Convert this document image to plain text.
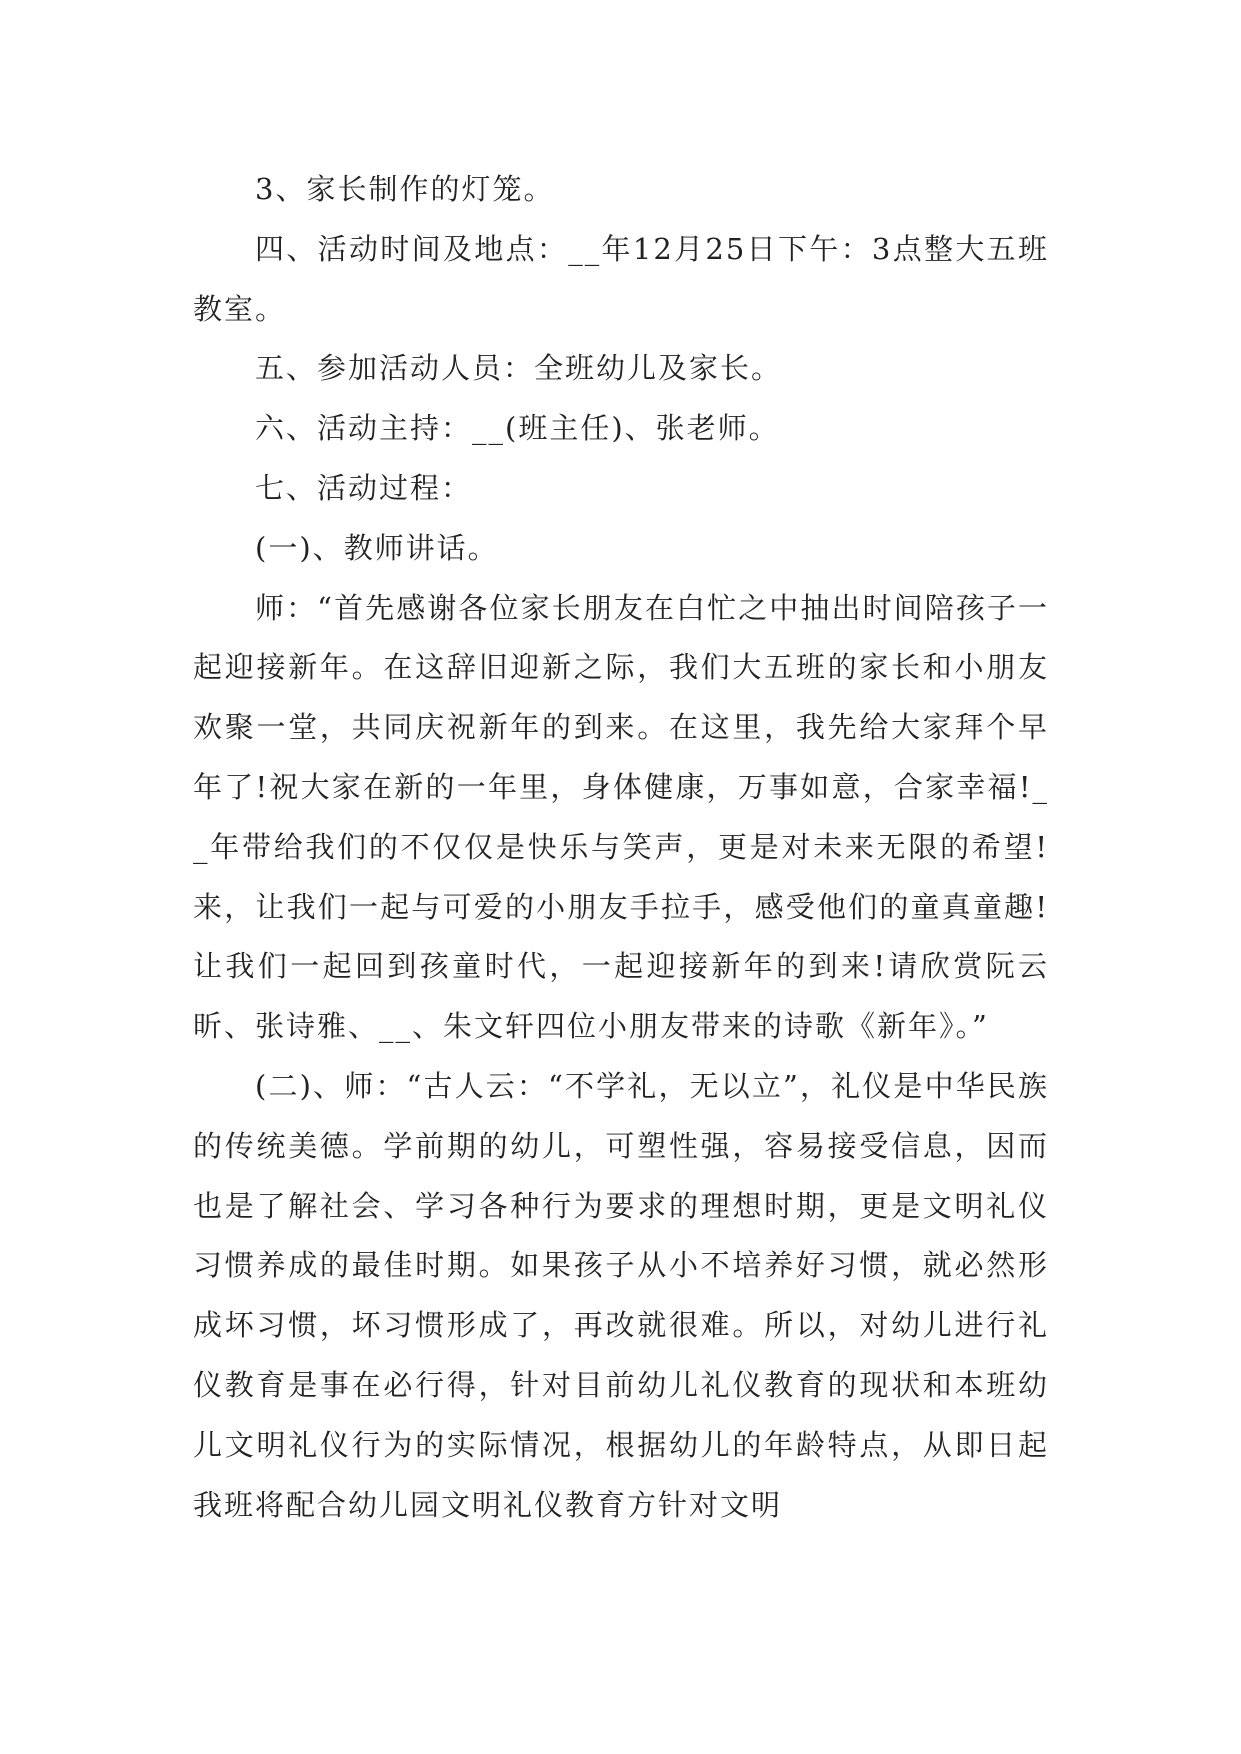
3、家长制作的灯笼。

四、活动时间及地点：__年12月25日下午：3点整大五班教室。

五、参加活动人员：全班幼儿及家长。

六、活动主持：__(班主任)、张老师。

七、活动过程：

(一)、教师讲话。

师：“首先感谢各位家长朋友在白忙之中抽出时间陪孩子一起迎接新年。在这辞旧迎新之际，我们大五班的家长和小朋友欢聚一堂，共同庆祝新年的到来。在这里，我先给大家拜个早年了!祝大家在新的一年里，身体健康，万事如意，合家幸福!__年带给我们的不仅仅是快乐与笑声，更是对未来无限的希望!来，让我们一起与可爱的小朋友手拉手，感受他们的童真童趣!让我们一起回到孩童时代，一起迎接新年的到来!请欣赏阮云昕、张诗雅、__、朱文轩四位小朋友带来的诗歌《新年》。”

(二)、师：“古人云：“不学礼，无以立”，礼仪是中华民族的传统美德。学前期的幼儿，可塑性强，容易接受信息，因而也是了解社会、学习各种行为要求的理想时期，更是文明礼仪习惯养成的最佳时期。如果孩子从小不培养好习惯，就必然形成坏习惯，坏习惯形成了，再改就很难。所以，对幼儿进行礼仪教育是事在必行得，针对目前幼儿礼仪教育的现状和本班幼儿文明礼仪行为的实际情况，根据幼儿的年龄特点，从即日起我班将配合幼儿园文明礼仪教育方针对文明
